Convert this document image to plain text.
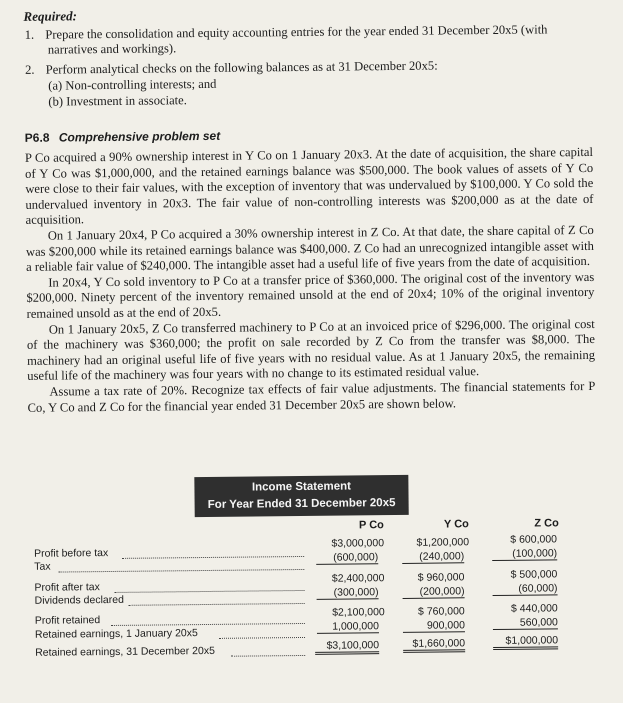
Required:
1. Prepare the consolidation and equity accounting entries for the year ended 31 December 20x5 (with
narratives and workings).
2. Perform analytical checks on the following balances as at 31 December 20x5:
(a) Non-controlling interests; and
(b) Investment in associate.
P6.8 Comprehensive problem set

P Co acquired a 90% ownership interest in Y Co on 1 January 20x3. At the date of acquisition, the share capital of Y Co was $1,000,000, and the retained earnings balance was $500,000. The book values of assets of Y Co were close to their fair values, with the exception of inventory that was undervalued by $100,000. Y Co sold the undervalued inventory in 20x3. The fair value of non-controlling interests was $200,000 as at the date of acquisition.

On 1 January 20x4, P Co acquired a 30% ownership interest in Z Co. At that date, the share capital of Z Co was $200,000 while its retained earnings balance was $400,000. Z Co had an unrecognized intangible asset with a reliable fair value of $240,000. The intangible asset had a useful life of five years from the date of acquisition.

In 20x4, Y Co sold inventory to P Co at a transfer price of $360,000. The original cost of the inventory was $200,000. Ninety percent of the inventory remained unsold at the end of 20x4; 10% of the original inventory remained unsold as at the end of 20x5.

On 1 January 20x5, Z Co transferred machinery to P Co at an invoiced price of $296,000. The original cost of the machinery was $360,000; the profit on sale recorded by Z Co from the transfer was $8,000. The machinery had an original useful life of five years with no residual value. As at 1 January 20x5, the remaining useful life of the machinery was four years with no change to its estimated residual value.

Assume a tax rate of 20%. Recognize tax effects of fair value adjustments. The financial statements for P Co, Y Co and Z Co for the financial year ended 31 December 20x5 are shown below.

Income Statement
For Year Ended 31 December 20x5
P Co	Y Co	Z Co
Profit before tax
$3,000,000	$1,200,000	$ 600,000
Tax
(600,000)	(240,000)	(100,000)
Profit after tax
$2,400,000	$ 960,000	$ 500,000
Dividends declared
(300,000)	(200,000)	(60,000)
Profit retained
$2,100,000	$ 760,000	$ 440,000
Retained earnings, 1 January 20x5
1,000,000	900,000	560,000
Retained earnings, 31 December 20x5	$3,100,000	$1,660,000	$1,000,000
